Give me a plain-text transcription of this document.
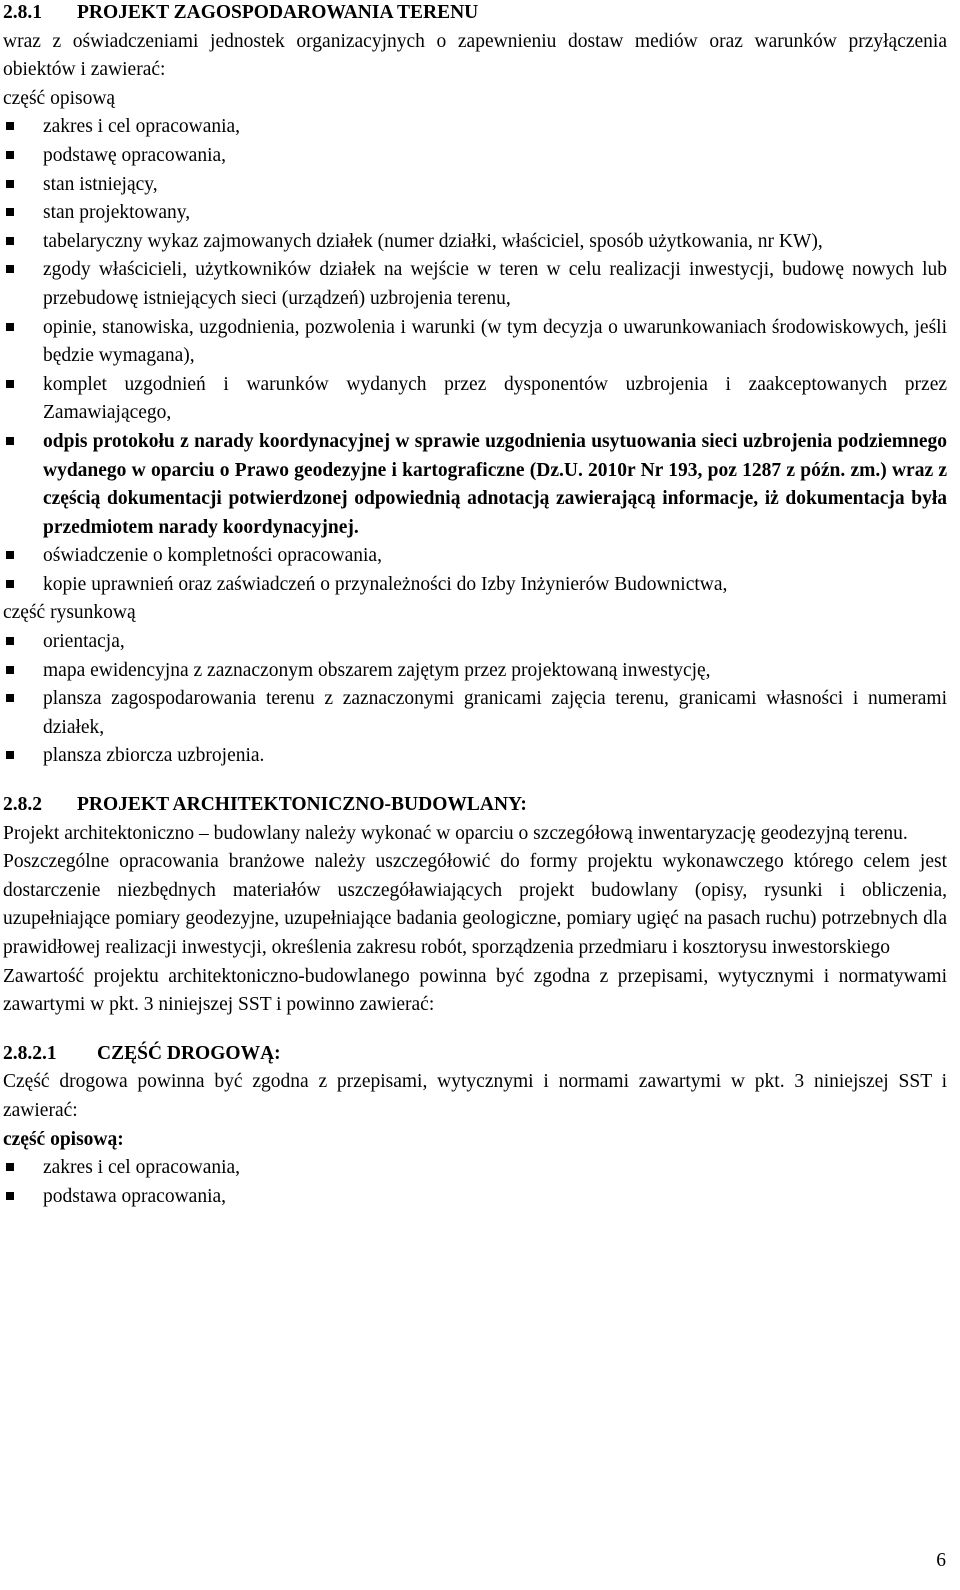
2.8.1 PROJEKT ZAGOSPODAROWANIA TERENU

wraz z oświadczeniami jednostek organizacyjnych o zapewnieniu dostaw mediów oraz warunków przyłączenia obiektów i zawierać:

część opisową
zakres i cel opracowania,
podstawę opracowania,
stan istniejący,
stan projektowany,
tabelaryczny wykaz zajmowanych działek (numer działki, właściciel, sposób użytkowania, nr KW),
zgody właścicieli, użytkowników działek na wejście w teren w celu realizacji inwestycji, budowę nowych lub przebudowę istniejących sieci (urządzeń) uzbrojenia terenu,
opinie, stanowiska, uzgodnienia, pozwolenia i warunki (w tym decyzja o uwarunkowaniach środowiskowych, jeśli będzie wymagana),
komplet uzgodnień i warunków wydanych przez dysponentów uzbrojenia i zaakceptowanych przez Zamawiającego,
odpis protokołu z narady koordynacyjnej w sprawie uzgodnienia usytuowania sieci uzbrojenia podziemnego wydanego w oparciu o Prawo geodezyjne i kartograficzne (Dz.U. 2010r Nr 193, poz 1287 z późn. zm.) wraz z częścią dokumentacji potwierdzonej odpowiednią adnotacją zawierającą informacje, iż dokumentacja była przedmiotem narady koordynacyjnej.
oświadczenie o kompletności opracowania,
kopie uprawnień oraz zaświadczeń o przynależności do Izby Inżynierów Budownictwa,
część rysunkową
orientacja,
mapa ewidencyjna z zaznaczonym obszarem zajętym przez projektowaną inwestycję,
plansza zagospodarowania terenu z zaznaczonymi granicami zajęcia terenu, granicami własności i numerami działek,
plansza zbiorcza uzbrojenia.
2.8.2 PROJEKT ARCHITEKTONICZNO-BUDOWLANY:

Projekt architektoniczno – budowlany należy wykonać w oparciu o szczegółową inwentaryzację geodezyjną terenu.

Poszczególne opracowania branżowe należy uszczegółowić do formy projektu wykonawczego którego celem jest dostarczenie niezbędnych materiałów uszczegóławiających projekt budowlany (opisy, rysunki i obliczenia, uzupełniające pomiary geodezyjne, uzupełniające badania geologiczne, pomiary ugięć na pasach ruchu) potrzebnych dla prawidłowej realizacji inwestycji, określenia zakresu robót, sporządzenia przedmiaru i kosztorysu inwestorskiego

Zawartość projektu architektoniczno-budowlanego powinna być zgodna z przepisami, wytycznymi i normatywami zawartymi w pkt. 3 niniejszej SST i powinno zawierać:

2.8.2.1 CZĘŚĆ DROGOWĄ:

Część drogowa powinna być zgodna z przepisami, wytycznymi i normami zawartymi w pkt. 3 niniejszej SST i zawierać:

część opisową:
zakres i cel opracowania,
podstawa opracowania,
6
